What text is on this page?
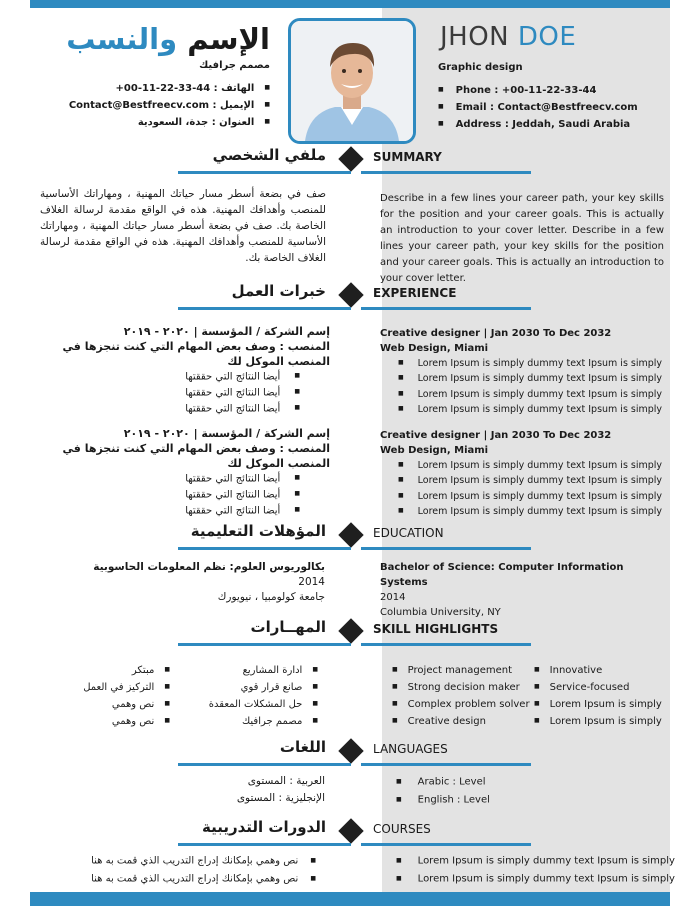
الإسم والنسب
مصمم جرافيك
■ الهاتف : 44-33-22-11-00+
■ الإيميل : Contact@Bestfreecv.com
■ العنوان : جدة، السعودية
JHON DOE
Graphic design
■ Phone : +00-11-22-33-44
■ Email : Contact@Bestfreecv.com
■ Address : Jeddah, Saudi Arabia
ملفي الشخصي	SUMMARY
صف في بضعة أسطر مسار حياتك المهنية ، ومهاراتك الأساسية للمنصب وأهدافك المهنية. هذه في الواقع مقدمة لرسالة الغلاف الخاصة بك. صف في بضعة أسطر مسار حياتك المهنية ، ومهاراتك الأساسية للمنصب وأهدافك المهنية. هذه في الواقع مقدمة لرسالة الغلاف الخاصة بك.
Describe in a few lines your career path, your key skills for the position and your career goals. This is actually an introduction to your cover letter. Describe in a few lines your career path, your key skills for the position and your career goals. This is actually an introduction to your cover letter.
خبرات العمل	EXPERIENCE
إسم الشركة / المؤسسة | ٢٠٢٠ - ٢٠١٩
المنصب : وصف بعض المهام التي كنت تنجزها في المنصب الموكل لك
■ أيضا النتائج التي حققتها
■ أيضا النتائج التي حققتها
■ أيضا النتائج التي حققتها
Creative designer | Jan 2030 To Dec 2032
Web Design, Miami
■ Lorem Ipsum is simply dummy text Ipsum is simply
■ Lorem Ipsum is simply dummy text Ipsum is simply
■ Lorem Ipsum is simply dummy text Ipsum is simply
■ Lorem Ipsum is simply dummy text Ipsum is simply
إسم الشركة / المؤسسة | ٢٠٢٠ - ٢٠١٩
المنصب : وصف بعض المهام التي كنت تنجزها في المنصب الموكل لك
■ أيضا النتائج التي حققتها
■ أيضا النتائج التي حققتها
■ أيضا النتائج التي حققتها
Creative designer | Jan 2030 To Dec 2032
Web Design, Miami
■ Lorem Ipsum is simply dummy text Ipsum is simply
■ Lorem Ipsum is simply dummy text Ipsum is simply
■ Lorem Ipsum is simply dummy text Ipsum is simply
■ Lorem Ipsum is simply dummy text Ipsum is simply
المؤهلات التعليمية	EDUCATION
بكالوريوس العلوم: نظم المعلومات الحاسوبية
2014
جامعة كولومبيا ، نيويورك
Bachelor of Science: Computer Information Systems
2014
Columbia University, NY
المهــارات	SKILL HIGHLIGHTS
■ ادارة المشاريع
■ صانع قرار قوي
■ حل المشكلات المعقدة
■ مصمم جرافيك
■ مبتكر
■ التركيز في العمل
■ نص وهمي
■ نص وهمي
■ Project management
■ Strong decision maker
■ Complex problem solver
■ Creative design
■ Innovative
■ Service-focused
■ Lorem Ipsum is simply
■ Lorem Ipsum is simply
اللغات	LANGUAGES
العربية : المستوى
الإنجليزية : المستوى
■ Arabic : Level
■ English : Level
الدورات التدريبية	COURSES
■ نص وهمي بإمكانك إدراج التدريب الذي قمت به هنا
■ نص وهمي بإمكانك إدراج التدريب الذي قمت به هنا
■ Lorem Ipsum is simply dummy text Ipsum is simply
■ Lorem Ipsum is simply dummy text Ipsum is simply
